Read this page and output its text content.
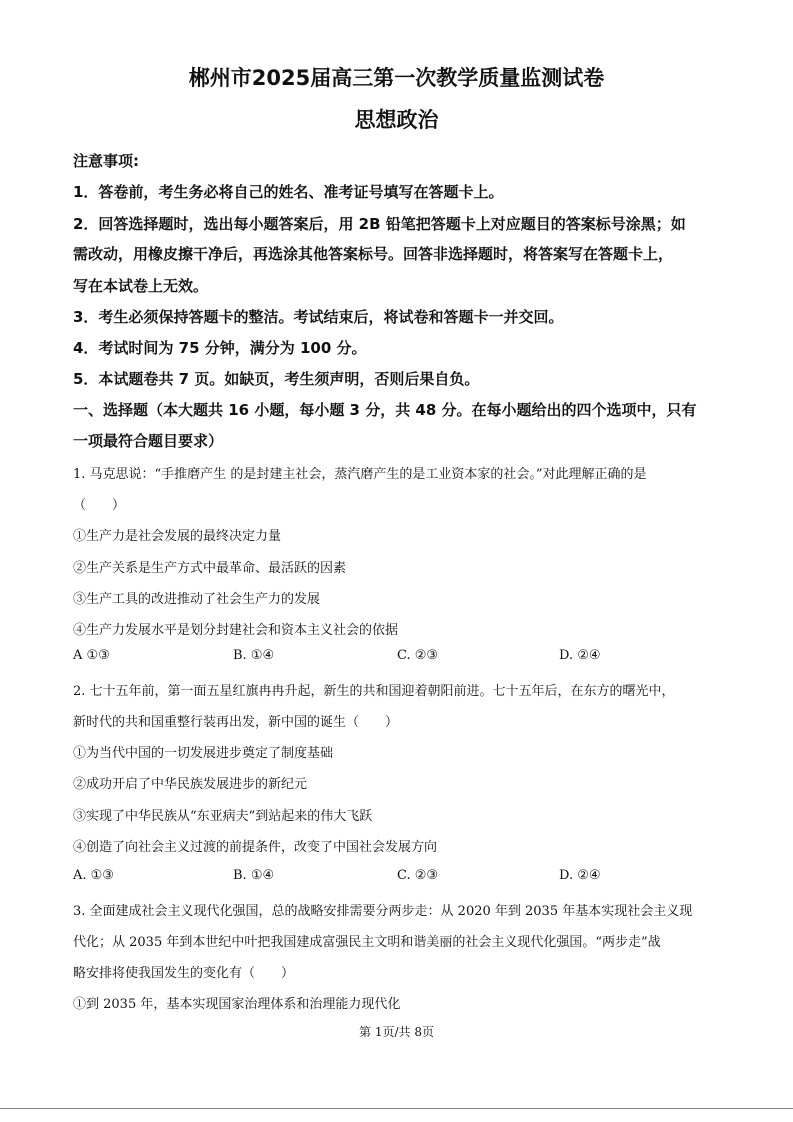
郴州市2025届高三第一次教学质量监测试卷
思想政治
注意事项:
1．答卷前，考生务必将自己的姓名、准考证号填写在答题卡上。
2．回答选择题时，选出每小题答案后，用 2B 铅笔把答题卡上对应题目的答案标号涂黑；如
需改动，用橡皮擦干净后，再选涂其他答案标号。回答非选择题时，将答案写在答题卡上，
写在本试卷上无效。
3．考生必须保持答题卡的整洁。考试结束后，将试卷和答题卡一并交回。
4．考试时间为 75 分钟，满分为 100 分。
5．本试题卷共 7 页。如缺页，考生须声明，否则后果自负。
一、选择题（本大题共 16 小题，每小题 3 分，共 48 分。在每小题给出的四个选项中，只有
一项最符合题目要求）
1. 马克思说：“手推磨产生 的是封建主社会，蒸汽磨产生的是工业资本家的社会。”对此理解正确的是
（　　）
①生产力是社会发展的最终决定力量
②生产关系是生产方式中最革命、最活跃的因素
③生产工具的改进推动了社会生产力的发展
④生产力发展水平是划分封建社会和资本主义社会的依据
A ①③	B. ①④	C. ②③	D. ②④
2. 七十五年前，第一面五星红旗冉冉升起，新生的共和国迎着朝阳前进。七十五年后，在东方的曙光中，
新时代的共和国重整行装再出发，新中国的诞生（　　）
①为当代中国的一切发展进步奠定了制度基础
②成功开启了中华民族发展进步的新纪元
③实现了中华民族从“东亚病夫”到站起来的伟大飞跃
④创造了向社会主义过渡的前提条件，改变了中国社会发展方向
A. ①③	B. ①④	C. ②③	D. ②④
3. 全面建成社会主义现代化强国，总的战略安排需要分两步走：从 2020 年到 2035 年基本实现社会主义现
代化；从 2035 年到本世纪中叶把我国建成富强民主文明和谐美丽的社会主义现代化强国。“两步走”战
略安排将使我国发生的变化有（　　）
①到 2035 年，基本实现国家治理体系和治理能力现代化
第 1页/共 8页
